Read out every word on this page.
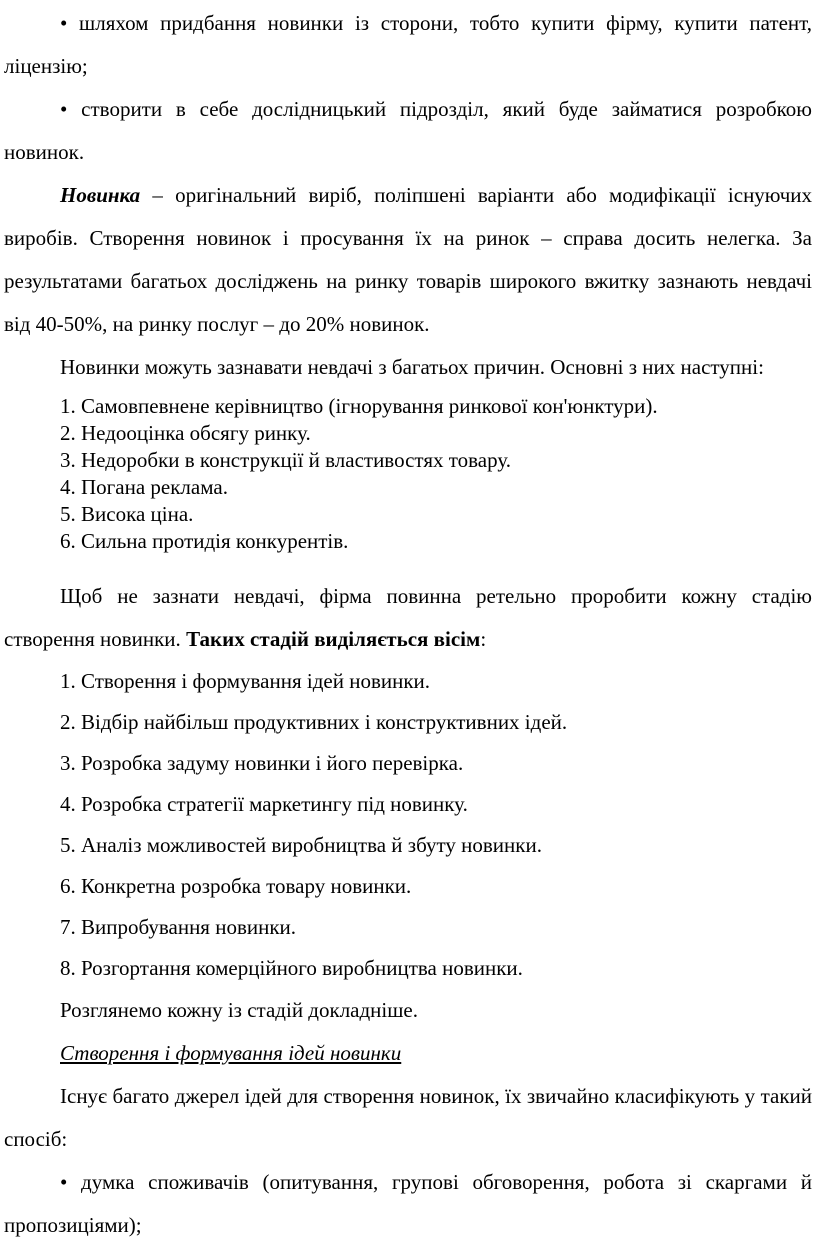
• шляхом придбання новинки із сторони, тобто купити фірму, купити патент, ліцензію;

• створити в себе дослідницький підрозділ, який буде займатися розробкою новинок.

Новинка – оригінальний виріб, поліпшені варіанти або модифікації існуючих виробів. Створення новинок і просування їх на ринок – справа досить нелегка. За результатами багатьох досліджень на ринку товарів широкого вжитку зазнають невдачі від 40-50%, на ринку послуг – до 20% новинок.

Новинки можуть зазнавати невдачі з багатьох причин. Основні з них наступні:

1. Самовпевнене керівництво (ігнорування ринкової кон'юнктури).
2. Недооцінка обсягу ринку.
3. Недоробки в конструкції й властивостях товару.
4. Погана реклама.
5. Висока ціна.
6. Сильна протидія конкурентів.

Щоб не зазнати невдачі, фірма повинна ретельно проробити кожну стадію створення новинки. Таких стадій виділяється вісім:

1. Створення і формування ідей новинки.
2. Відбір найбільш продуктивних і конструктивних ідей.
3. Розробка задуму новинки і його перевірка.
4. Розробка стратегії маркетингу під новинку.
5. Аналіз можливостей виробництва й збуту новинки.
6. Конкретна розробка товару новинки.
7. Випробування новинки.
8. Розгортання комерційного виробництва новинки.

Розглянемо кожну із стадій докладніше.

Створення і формування ідей новинки

Існує багато джерел ідей для створення новинок, їх звичайно класифікують у такий спосіб:

• думка споживачів (опитування, групові обговорення, робота зі скаргами й пропозиціями);
